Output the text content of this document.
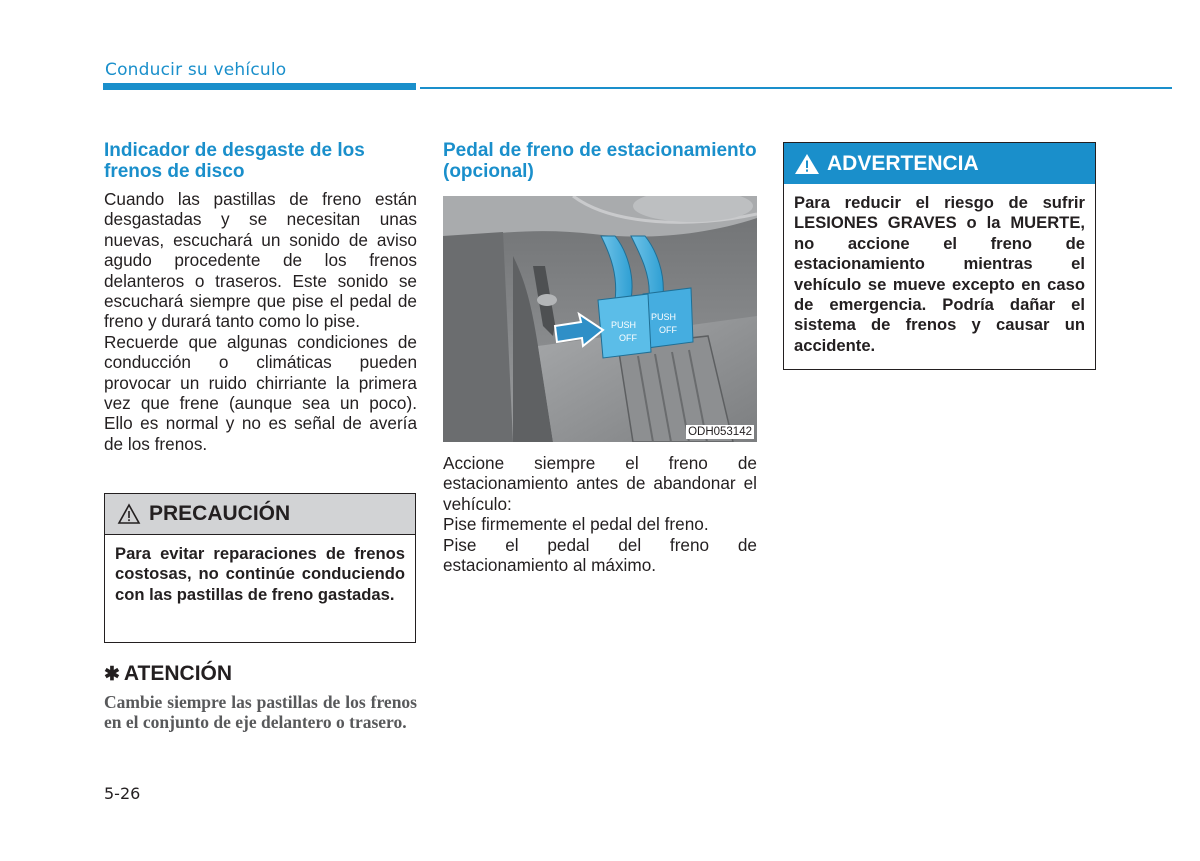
Conducir su vehículo
Indicador de desgaste de los frenos de disco

Cuando las pastillas de freno están desgastadas y se necesitan unas nuevas, escuchará un sonido de aviso agudo procedente de los frenos delanteros o traseros. Este sonido se escuchará siempre que pise el pedal de freno y durará tanto como lo pise.

Recuerde que algunas condiciones de conducción o climáticas pueden provocar un ruido chirriante la primera vez que frene (aunque sea un poco). Ello es normal y no es señal de avería de los frenos.

PRECAUCIÓN
Para evitar reparaciones de frenos costosas, no continúe conduciendo con las pastillas de freno gastadas.
✱ ATENCIÓN
Cambie siempre las pastillas de los frenos en el conjunto de eje delantero o trasero.
Pedal de freno de estacionamiento (opcional)
PUSH
OFF
PUSH
OFF
ODH053142

Accione siempre el freno de estacionamiento antes de abandonar el vehículo:

Pise firmemente el pedal del freno.

Pise el pedal del freno de estacionamiento al máximo.

ADVERTENCIA
Para reducir el riesgo de sufrir LESIONES GRAVES o la MUERTE, no accione el freno de estacionamiento mientras el vehículo se mueve excepto en caso de emergencia. Podría dañar el sistema de frenos y causar un accidente.
5-26
